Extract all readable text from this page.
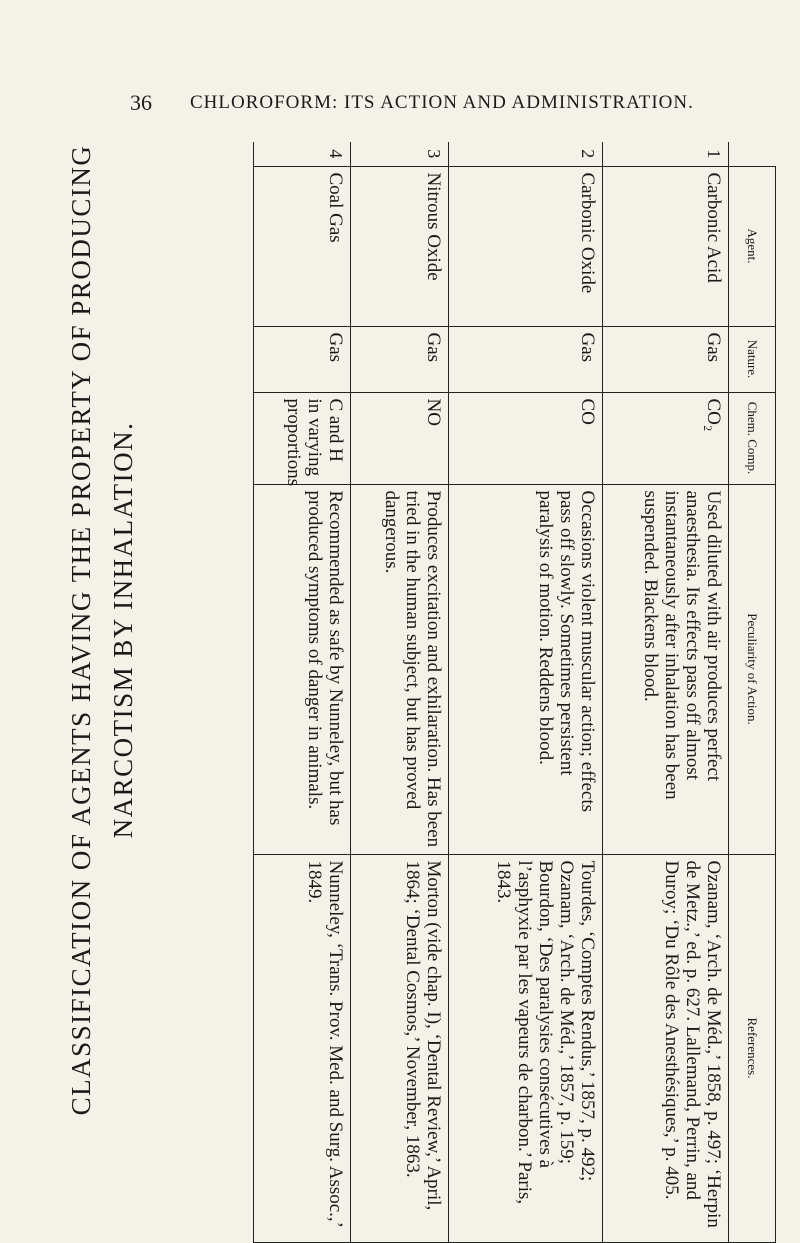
36 CHLOROFORM: ITS ACTION AND ADMINISTRATION.
CLASSIFICATION OF AGENTS HAVING THE PROPERTY OF PRODUCING NARCOTISM BY INHALATION.
	Agent.	Nature.	Chem. Comp.	Peculiarity of Action.	References.
1	Carbonic Acid	Gas	CO₂	Used diluted with air produces perfect anaesthesia. Its effects pass off almost instantaneously after inhalation has been suspended. Blackens blood.	Ozanam, ‘Arch. de Méd.,’ 1858, p. 497; ‘Herpin de Metz.,’ ed. p. 627. Lallemand, Perrin, and Duroy; ‘Du Rôle des Anesthésiques,’ p. 405.
2	Carbonic Oxide	Gas	CO	Occasions violent muscular action; effects pass off slowly. Sometimes persistent paralysis of motion. Reddens blood.	Tourdes, ‘Comptes Rendus,’ 1857, p. 492; Ozanam, ‘Arch. de Méd.,’ 1857, p. 159; Bourdon, ‘Des paralysies consécutives à l’asphyxie par les vapeurs de charbon.’ Paris, 1843.
3	Nitrous Oxide	Gas	NO	Produces excitation and exhilaration. Has been tried in the human subject, but has proved dangerous.	Morton (vide chap. I), ‘Dental Review,’ April, 1864; ‘Dental Cosmos,’ November, 1863.
4	Coal Gas	Gas	C and H in varying proportions	Recommended as safe by Nunneley, but has produced symptoms of danger in animals.	Nunneley, ‘Trans. Prov. Med. and Surg. Assoc.,’ 1849.
